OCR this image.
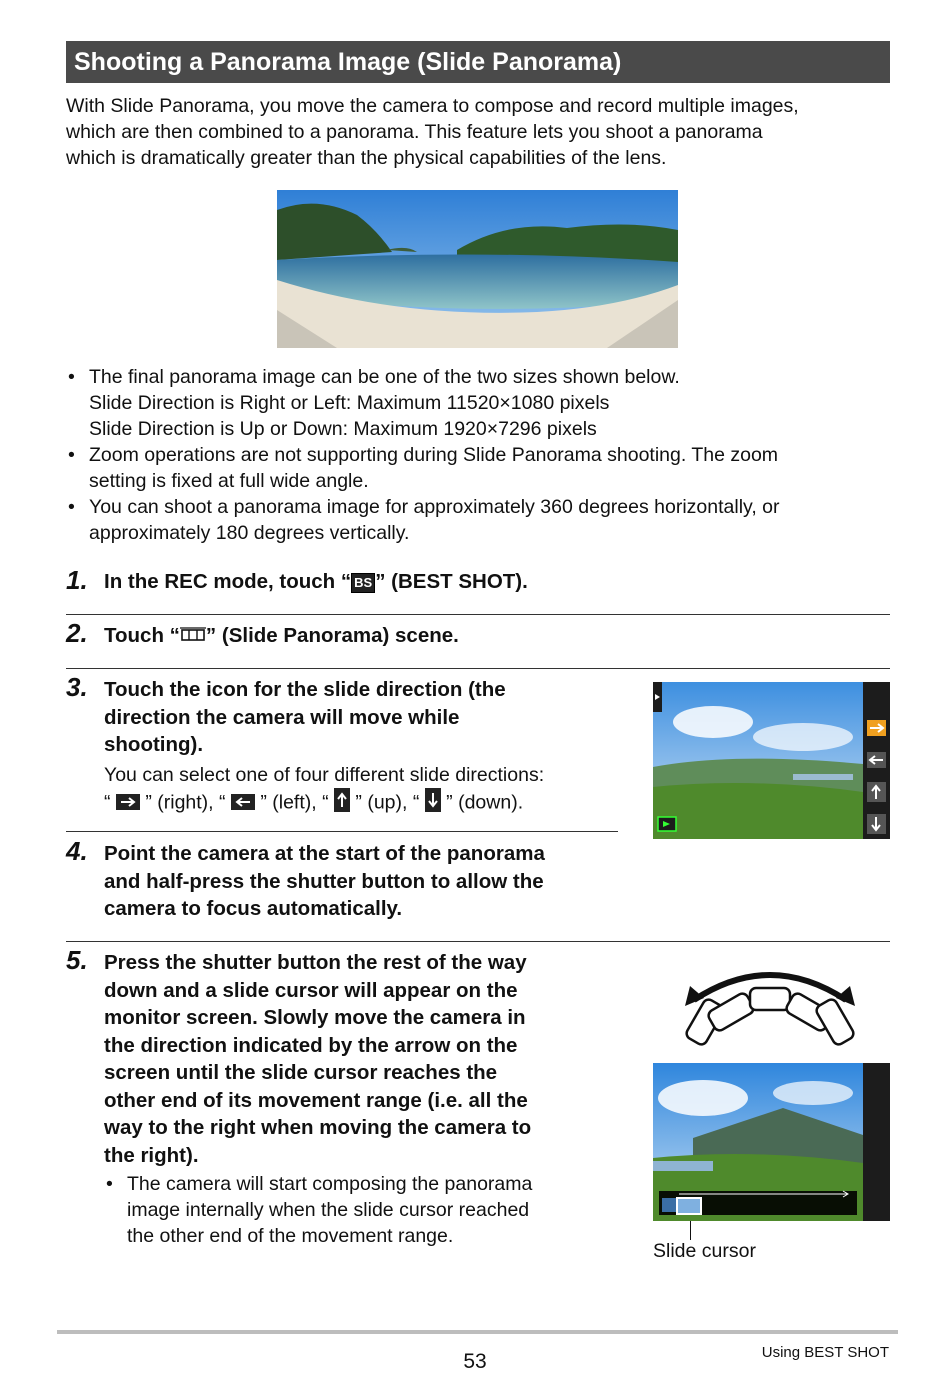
Shooting a Panorama Image (Slide Panorama)
With Slide Panorama, you move the camera to compose and record multiple images,
which are then combined to a panorama. This feature lets you shoot a panorama
which is dramatically greater than the physical capabilities of the lens.
• The final panorama image can be one of the two sizes shown below.
Slide Direction is Right or Left: Maximum 11520×1080 pixels
Slide Direction is Up or Down: Maximum 1920×7296 pixels
• Zoom operations are not supporting during Slide Panorama shooting. The zoom
setting is fixed at full wide angle.
• You can shoot a panorama image for approximately 360 degrees horizontally, or
approximately 180 degrees vertically.
1. In the REC mode, touch “ BS ” (BEST SHOT).
2. Touch “ ” (Slide Panorama) scene.
3. Touch the icon for the slide direction (the
direction the camera will move while
shooting).
You can select one of four different slide directions:
“  ” (right), “  ” (left), “  ” (up), “  ” (down).
4. Point the camera at the start of the panorama
and half-press the shutter button to allow the
camera to focus automatically.
5. Press the shutter button the rest of the way
down and a slide cursor will appear on the
monitor screen. Slowly move the camera in
the direction indicated by the arrow on the
screen until the slide cursor reaches the
other end of its movement range (i.e. all the
way to the right when moving the camera to
the right).
• The camera will start composing the panorama
image internally when the slide cursor reached
the other end of the movement range.
Slide cursor
53	Using BEST SHOT
